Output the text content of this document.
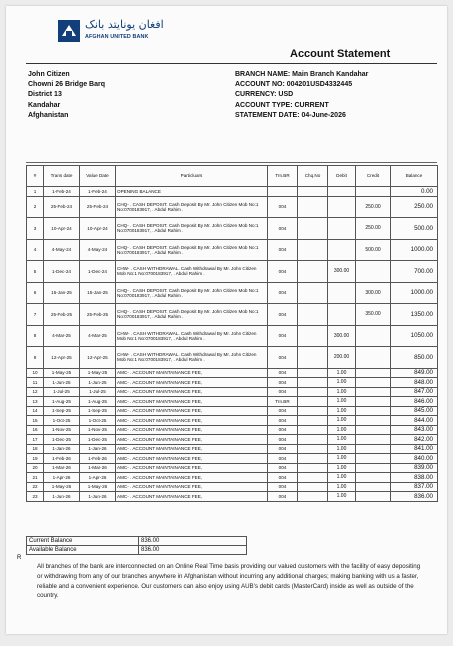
افغان یونایتد بانک
AFGHAN UNITED BANK
Account Statement
John Citizen
Chowni 26 Bridge Barq
District 13
Kandahar
Afghanistan
BRANCH NAME: Main Branch Kandahar
ACCOUNT NO: 004201USD4332445
CURRENCY: USD
ACCOUNT TYPE: CURRENT
STATEMENT DATE: 04-June-2026
#	Trans date	Value Date	Particluars	Trn.BR	Chq.No	Debit	Credit	Balance
1	1-Feb-24	1-Feb-24	OPENING BALANCE					0.00
2	25-Feb-24	25-Feb-24	CHQ- . CASH DEPOSIT. Cash Deposit By Mr. John Citizen Mob No:1 No:0700183917, . Abdul Rahim .	004			250.00	250.00
3	10-Apr-24	10-Apr-24	CHQ- . CASH DEPOSIT. Cash Deposit By Mr. John Citizen Mob No:1 No:0700183917, . Abdul Rahim .	004			250.00	500.00
4	4-May-24	4-May-24	CHQ- . CASH DEPOSIT. Cash Deposit By Mr. John Citizen Mob No:1 No:0700183917, . Abdul Rahim .	004			500.00	1000.00
5	1-Dec-24	1-Dec-24	CHW- . CASH WITHDRAWAL. Cash Withdrawal By Mr. John Citizen Mob No:1 No:0700183917, . Abdul Rahim .	004		300.00		700.00
6	15-Jan-25	15-Jan-25	CHQ- . CASH DEPOSIT. Cash Deposit By Mr. John Citizen Mob No:1 No:0700183917, . Abdul Rahim .	004			300.00	1000.00
7	25-Feb-25	25-Feb-25	CHQ- . CASH DEPOSIT. Cash Deposit By Mr. John Citizen Mob No:1 No:0700183917, . Abdul Rahim .	004			350.00	1350.00
8	4-Mar-25	4-Mar-25	CHW- . CASH WITHDRAWAL. Cash Withdrawal By Mr. John Citizen Mob No:1 No:0700183917, . Abdul Rahim .	004		300.00		1050.00
9	12-Apr-25	12-Apr-25	CHW- . CASH WITHDRAWAL. Cash Withdrawal By Mr. John Citizen Mob No:1 No:0700183917, . Abdul Rahim .	004		200.00		850.00
10	1-May-25	1-May-25	AMC- . ACCOUNT MAINTAINANCE FEE,	004		1.00		849.00
11	1-Jun-25	1-Jun-25	AMC- . ACCOUNT MAINTAINANCE FEE,	004		1.00		848.00
12	1-Jul-25	1-Jul-25	AMC- . ACCOUNT MAINTAINANCE FEE,	004		1.00		847.00
13	1-Aug-25	1-Aug-25	AMC- . ACCOUNT MAINTAINANCE FEE,	Trn.BR		1.00		846.00
14	1-Sep-25	1-Sep-25	AMC- . ACCOUNT MAINTAINANCE FEE,	004		1.00		845.00
15	1-Oct-25	1-Oct-25	AMC- . ACCOUNT MAINTAINANCE FEE,	004		1.00		844.00
16	1-Nov-25	1-Nov-25	AMC- . ACCOUNT MAINTAINANCE FEE,	004		1.00		843.00
17	1-Dec-25	1-Dec-25	AMC- . ACCOUNT MAINTAINANCE FEE,	004		1.00		842.00
18	1-Jan-26	1-Jan-26	AMC- . ACCOUNT MAINTAINANCE FEE,	004		1.00		841.00
19	1-Feb-26	1-Feb-26	AMC- . ACCOUNT MAINTAINANCE FEE,	004		1.00		840.00
20	1-Mar-26	1-Mar-26	AMC- . ACCOUNT MAINTAINANCE FEE,	004		1.00		839.00
21	1-Apr-26	1-Apr-26	AMC- . ACCOUNT MAINTAINANCE FEE,	004		1.00		838.00
22	1-May-26	1-May-26	AMC- . ACCOUNT MAINTAINANCE FEE,	004		1.00		837.00
23	1-Jun-26	1-Jun-26	AMC- . ACCOUNT MAINTAINANCE FEE,	004		1.00		836.00
Current Balance	836.00
Available Balance	836.00
R
All branches of the bank are interconnected on an Online Real Time basis providing our valued customers with the facility of easy depositing or withdrawing from any of our branches anywhere in Afghanistan without incurring any additional charges; making banking with us a faster, reliable and a convenient experience. Our customers can also enjoy using AUB's debit cards (MasterCard) inside as well as outside of the country.
